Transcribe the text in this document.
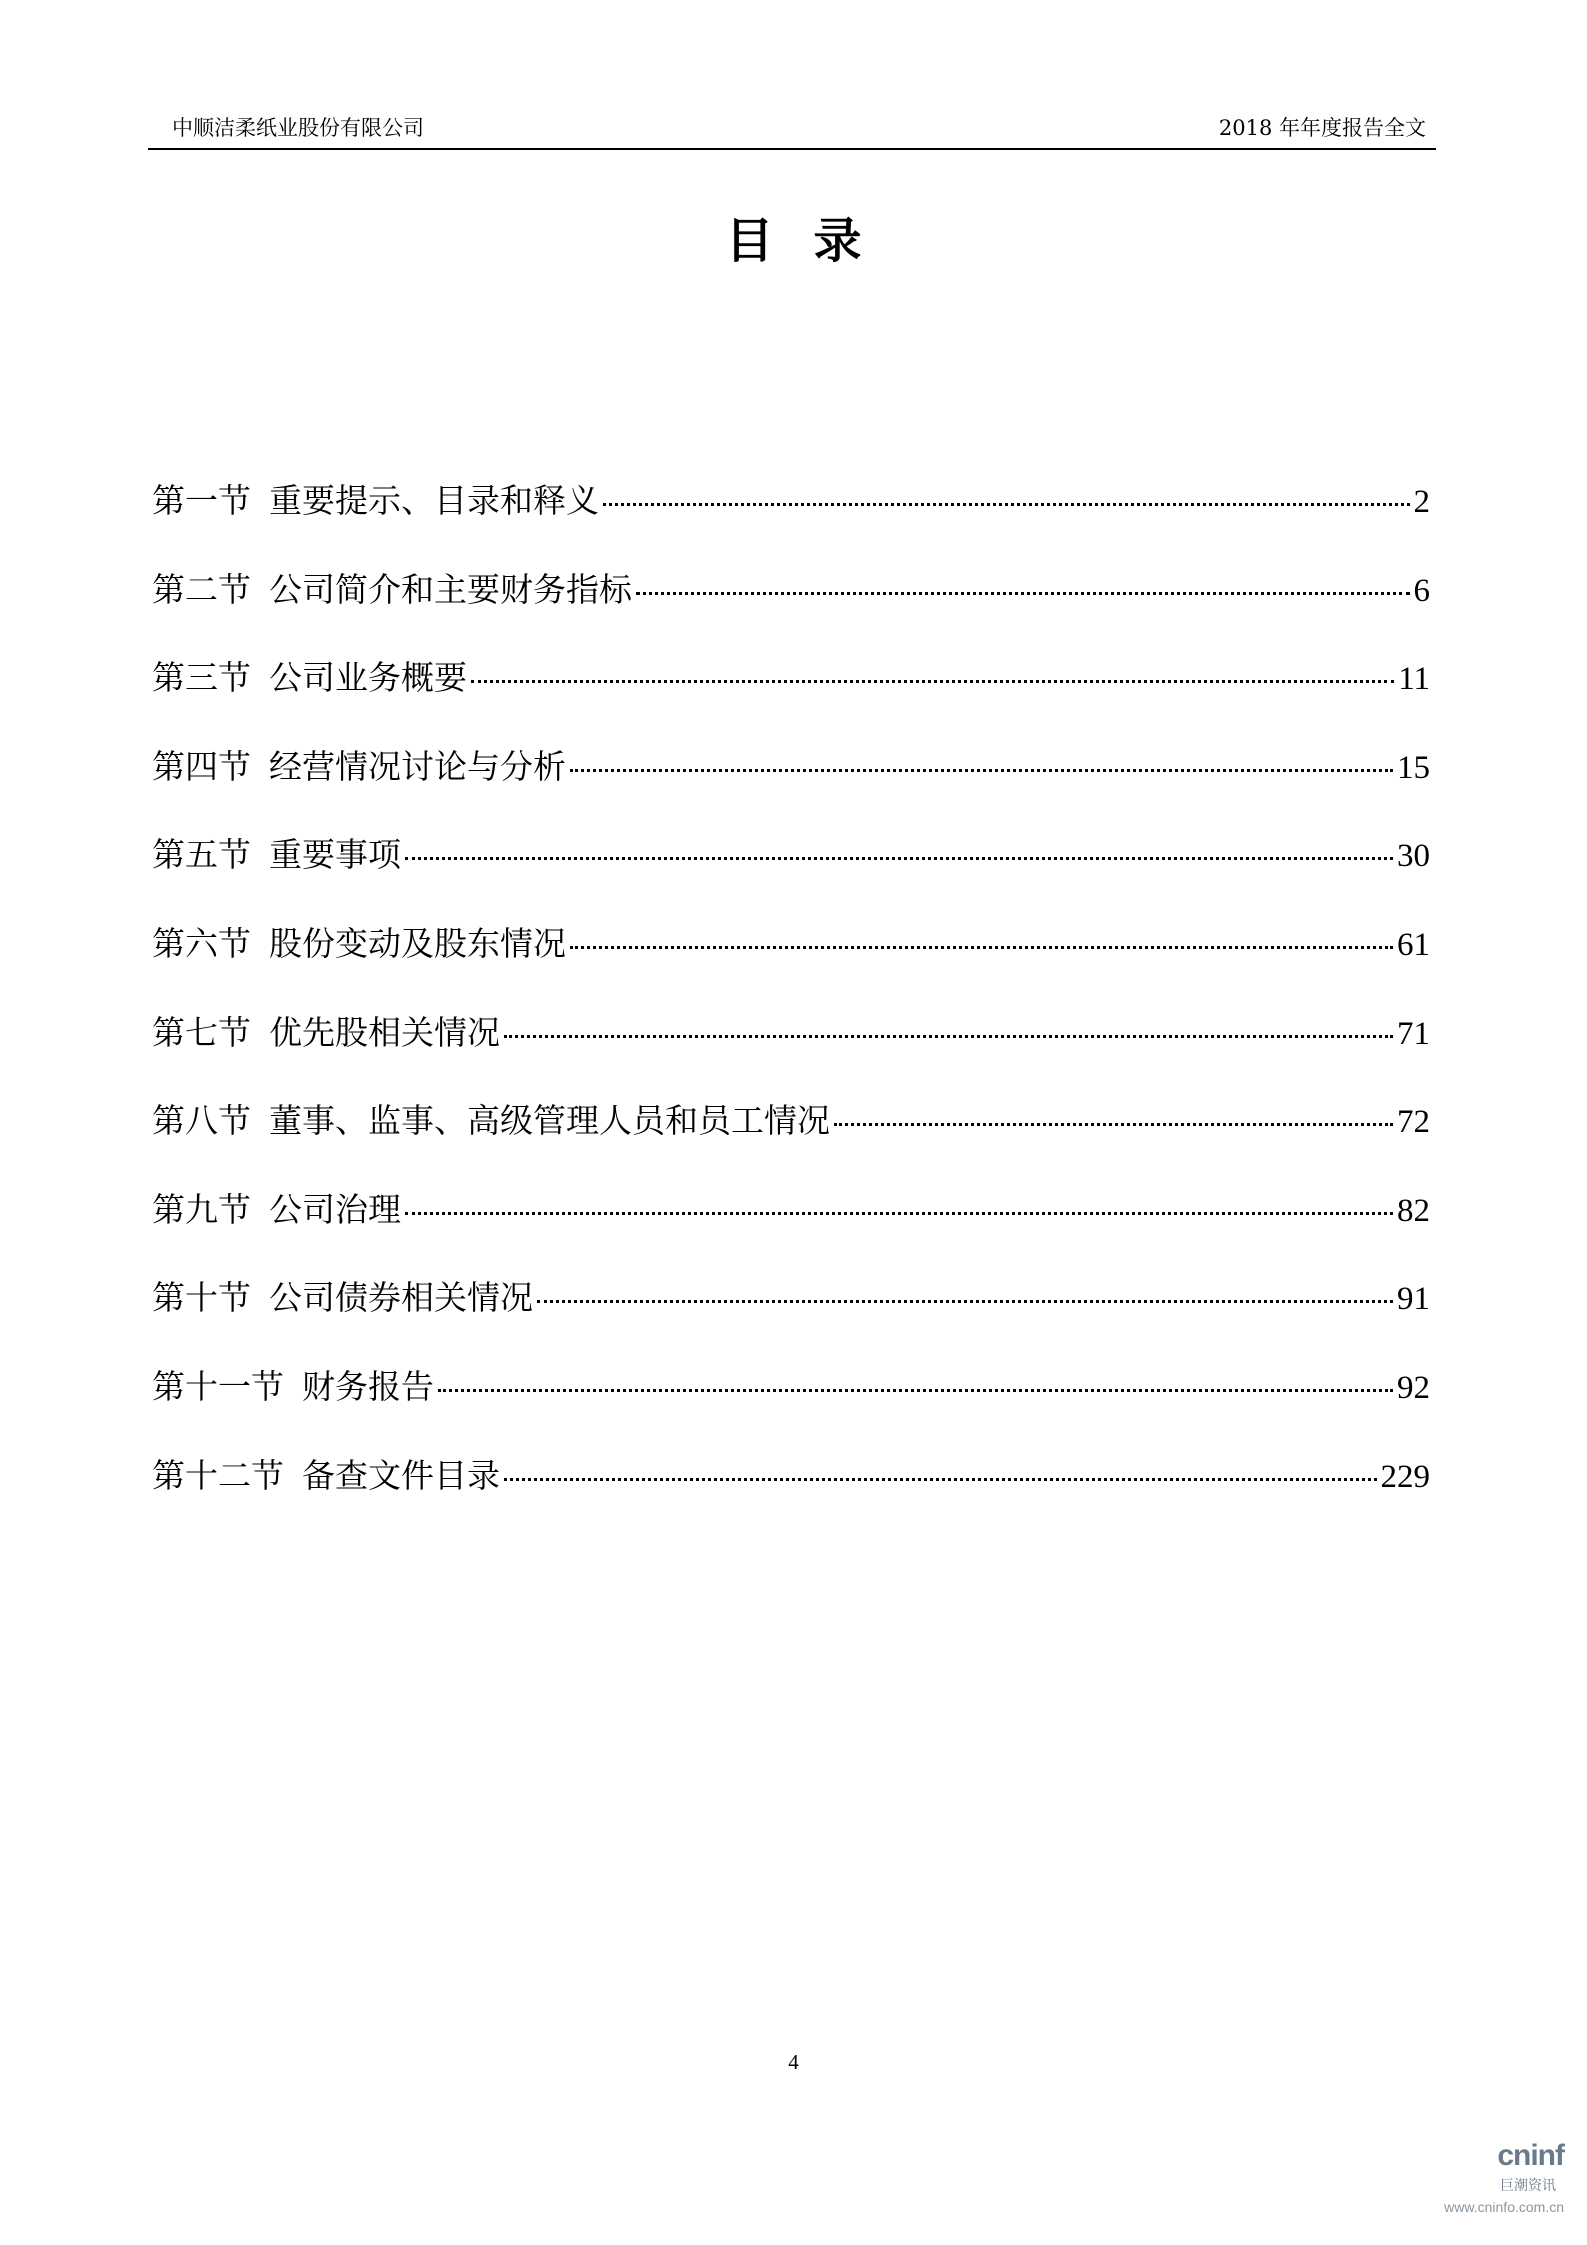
中顺洁柔纸业股份有限公司	2018 年年度报告全文
目录
第一节 重要提示、目录和释义	2
第二节 公司简介和主要财务指标	6
第三节 公司业务概要	11
第四节 经营情况讨论与分析	15
第五节 重要事项	30
第六节 股份变动及股东情况	61
第七节 优先股相关情况	71
第八节 董事、监事、高级管理人员和员工情况	72
第九节 公司治理	82
第十节 公司债券相关情况	91
第十一节 财务报告	92
第十二节 备查文件目录	229
4
cninf
巨潮资讯
www.cninfo.com.cn
